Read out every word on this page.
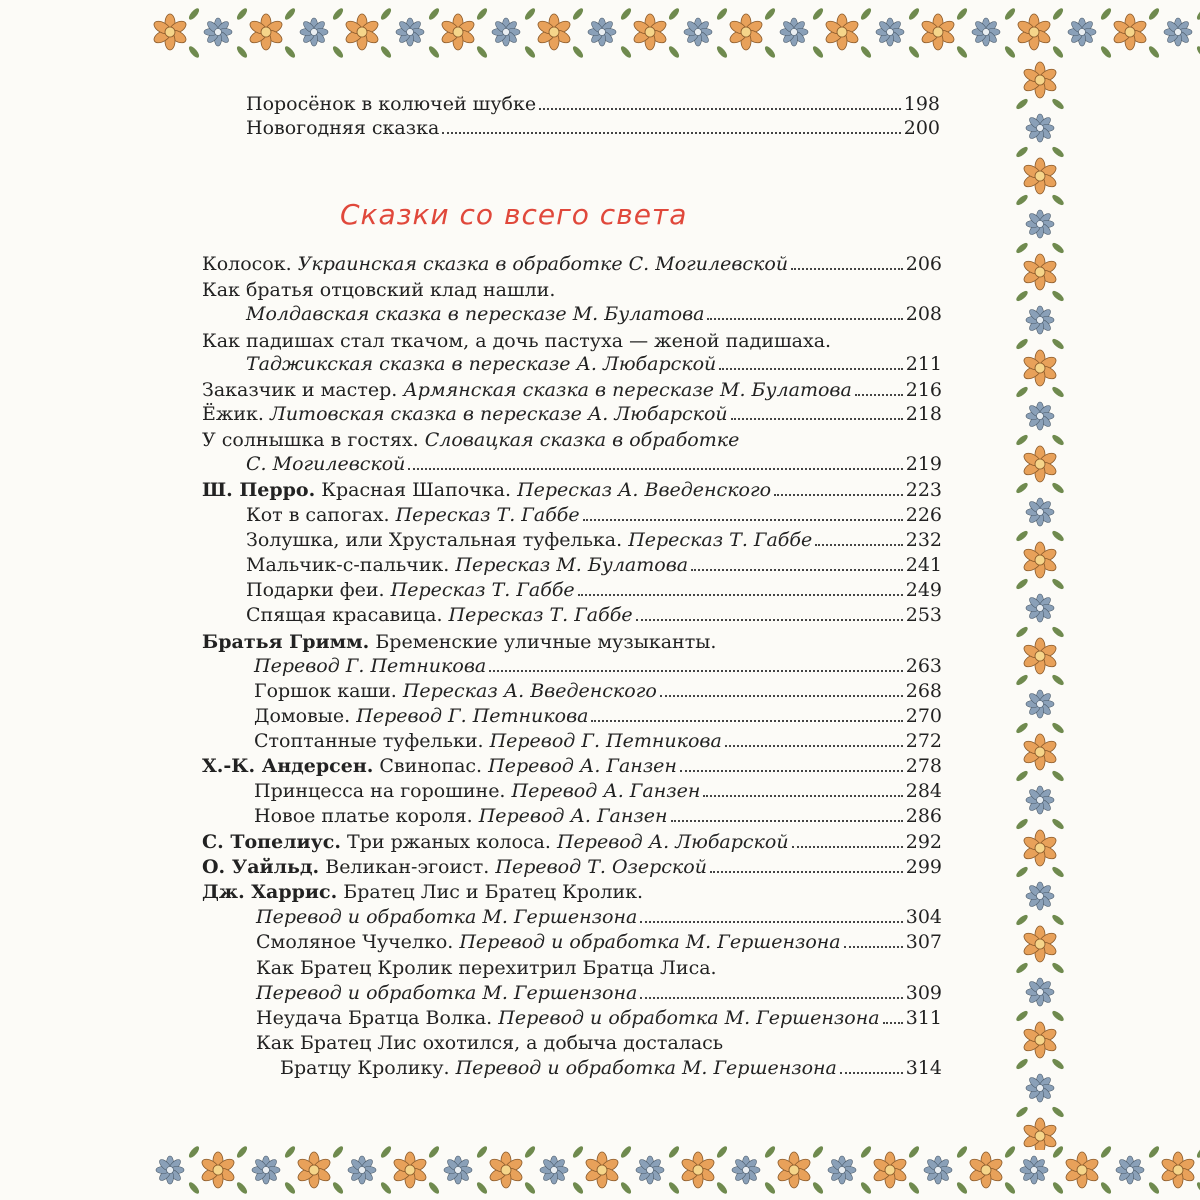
Поросёнок в колючей шубке	198
Новогодняя сказка	200
Сказки со всего света
Колосок. Украинская сказка в обработке С. Могилевской	206
Как братья отцовский клад нашли.
Молдавская сказка в пересказе М. Булатова	208
Как падишах стал ткачом, а дочь пастуха — женой падишаха.
Таджикская сказка в пересказе А. Любарской	211
Заказчик и мастер. Армянская сказка в пересказе М. Булатова	216
Ёжик. Литовская сказка в пересказе А. Любарской	218
У солнышка в гостях. Словацкая сказка в обработке
С. Могилевской	219
Ш. Перро. Красная Шапочка. Пересказ А. Введенского	223
Кот в сапогах. Пересказ Т. Габбе	226
Золушка, или Хрустальная туфелька. Пересказ Т. Габбе	232
Мальчик-с-пальчик. Пересказ М. Булатова	241
Подарки феи. Пересказ Т. Габбе	249
Спящая красавица. Пересказ Т. Габбе	253
Братья Гримм. Бременские уличные музыканты.
Перевод Г. Петникова	263
Горшок каши. Пересказ А. Введенского	268
Домовые. Перевод Г. Петникова	270
Стоптанные туфельки. Перевод Г. Петникова	272
Х.-К. Андерсен. Свинопас. Перевод А. Ганзен	278
Принцесса на горошине. Перевод А. Ганзен	284
Новое платье короля. Перевод А. Ганзен	286
С. Топелиус. Три ржаных колоса. Перевод А. Любарской	292
О. Уайльд. Великан-эгоист. Перевод Т. Озерской	299
Дж. Харрис. Братец Лис и Братец Кролик.
Перевод и обработка М. Гершензона	304
Смоляное Чучелко. Перевод и обработка М. Гершензона	307
Как Братец Кролик перехитрил Братца Лиса.
Перевод и обработка М. Гершензона	309
Неудача Братца Волка. Перевод и обработка М. Гершензона 311
Как Братец Лис охотился, а добыча досталась
Братцу Кролику. Перевод и обработка М. Гершензона	314
